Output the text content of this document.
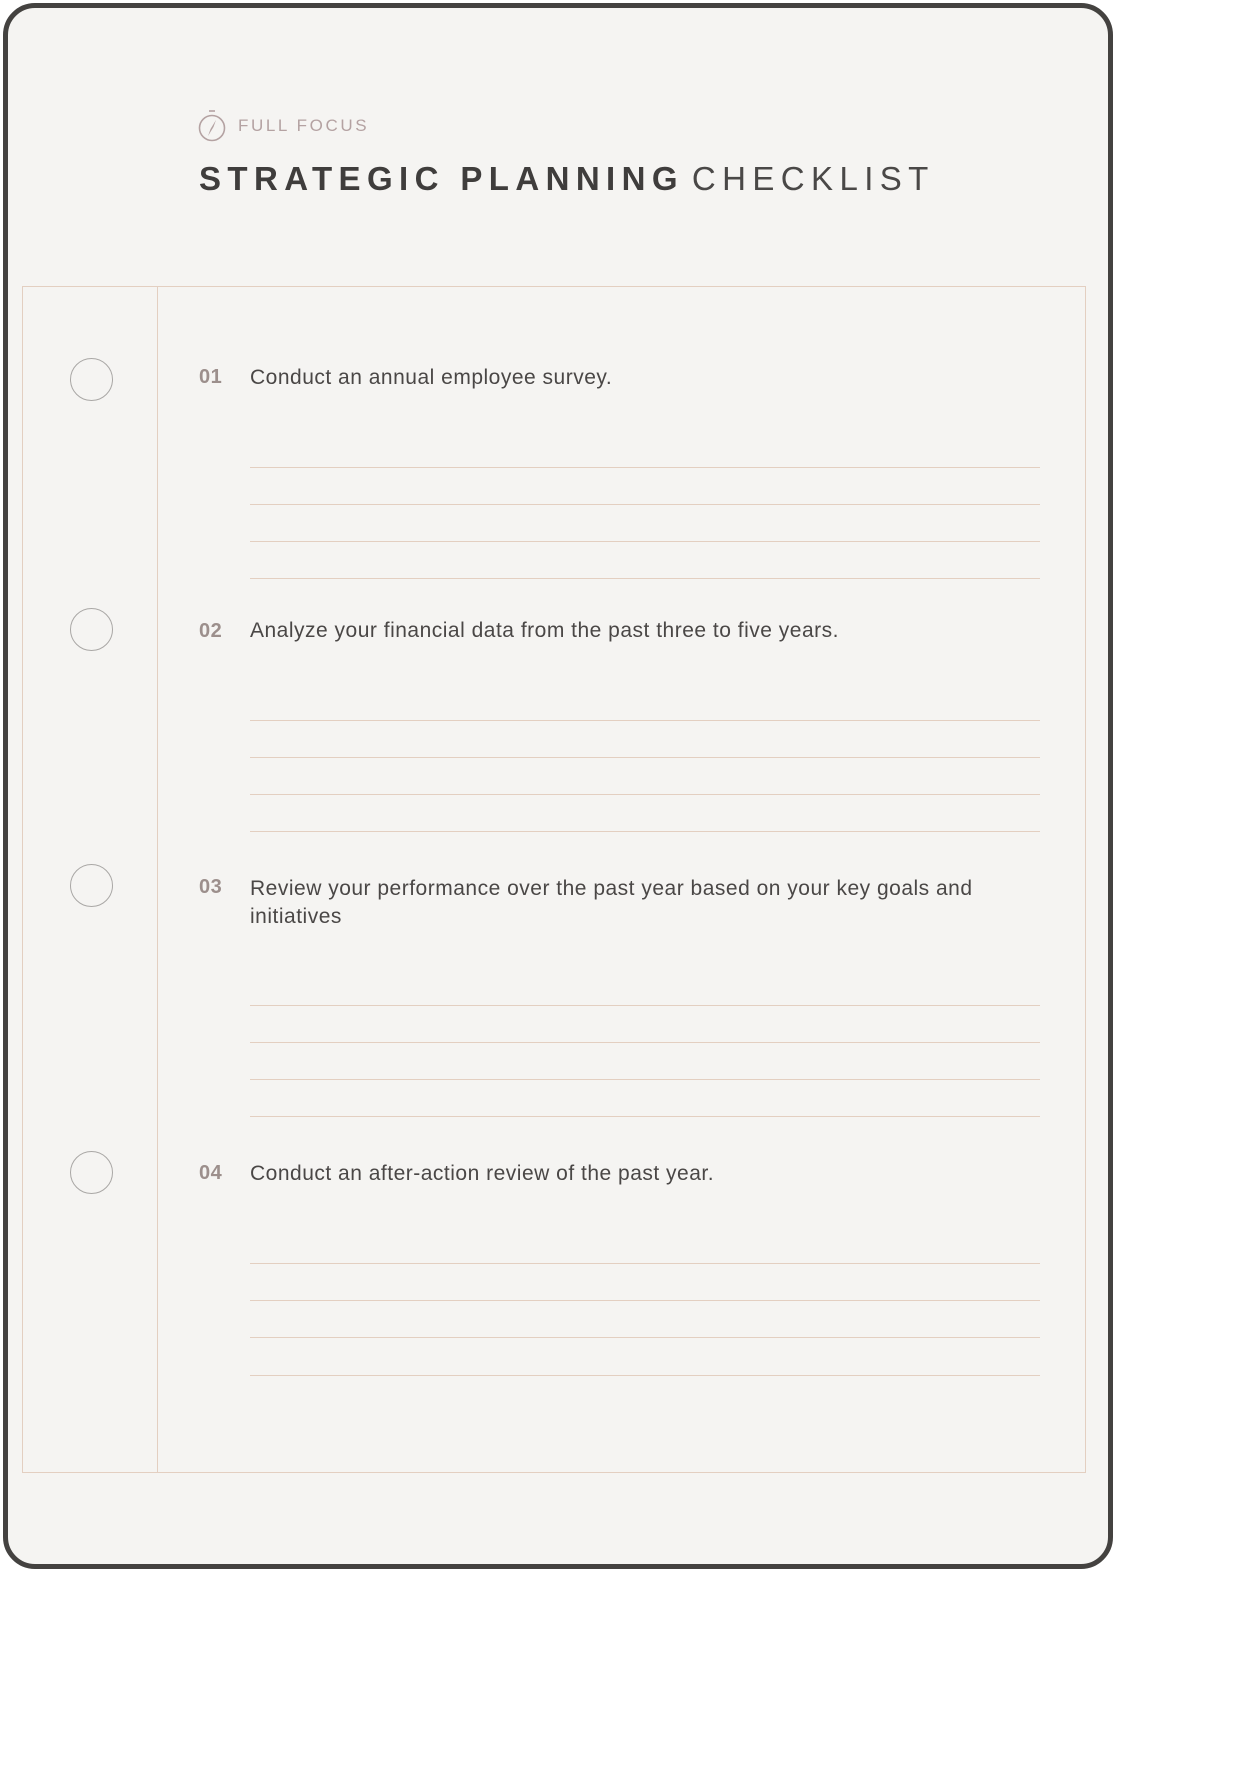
FULL FOCUS
STRATEGIC PLANNING CHECKLIST
01 Conduct an annual employee survey.
02 Analyze your financial data from the past three to five years.
03 Review your performance over the past year based on your key goals and initiatives
04 Conduct an after-action review of the past year.
